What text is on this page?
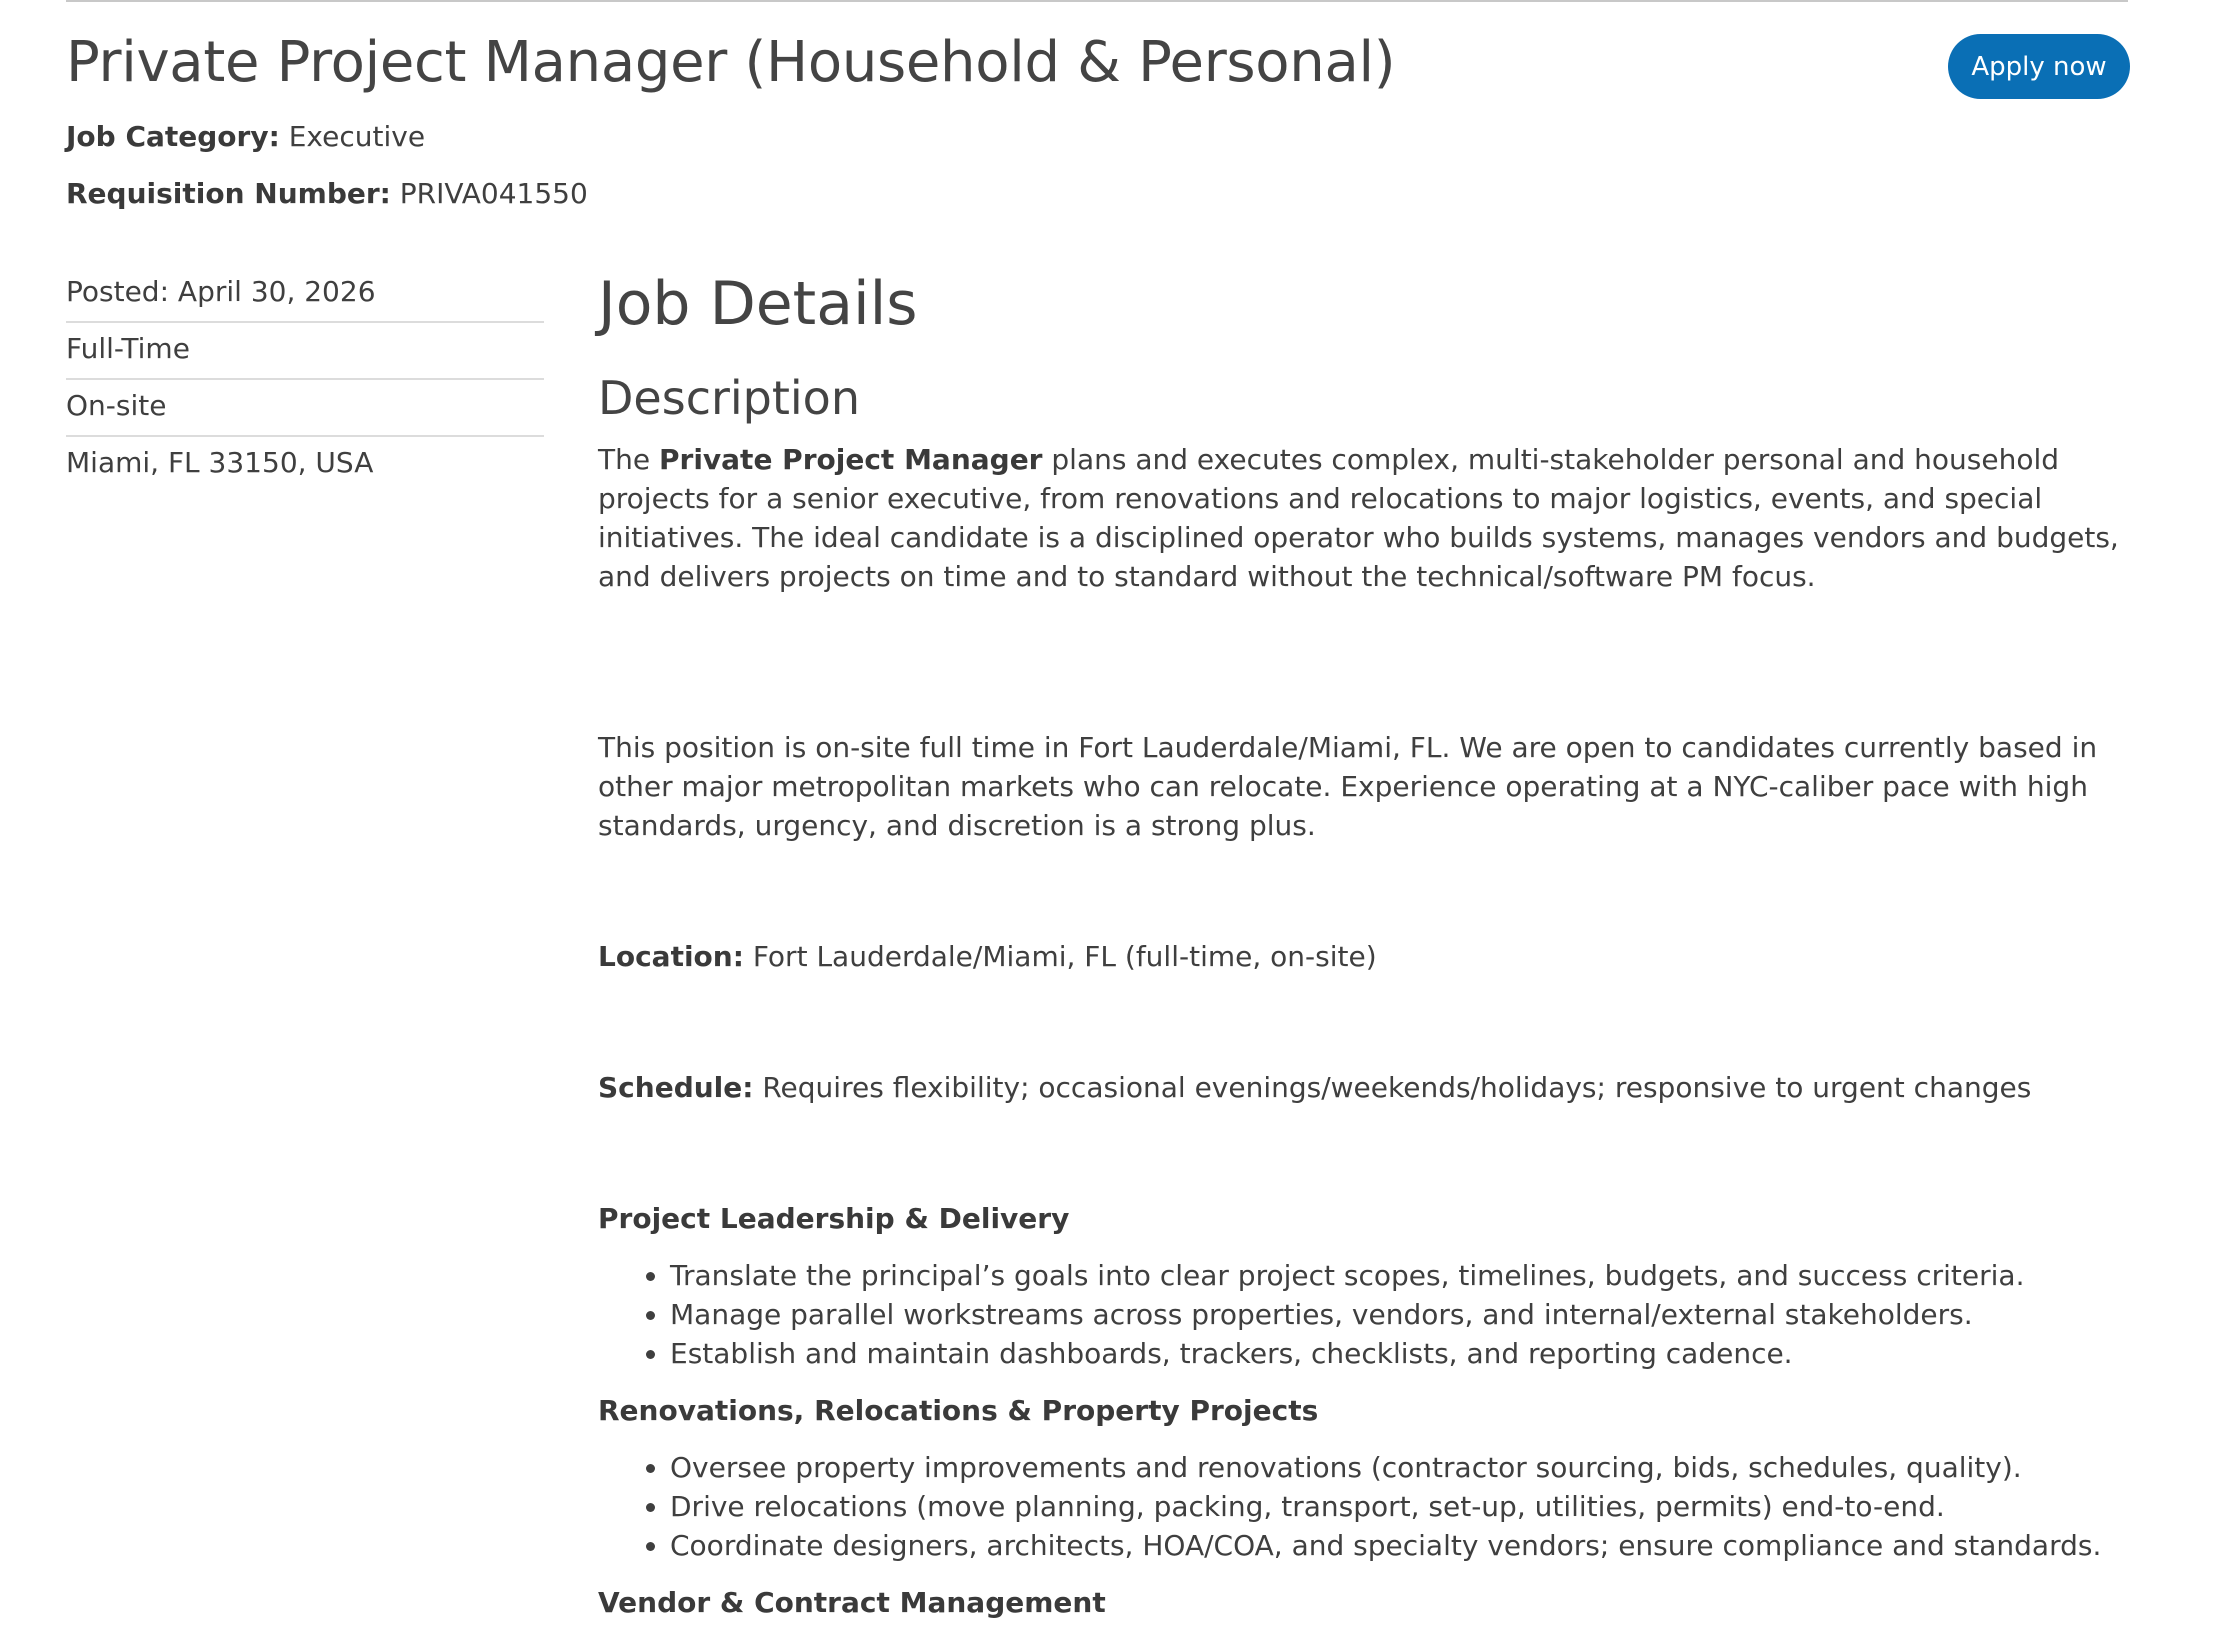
Private Project Manager (Household & Personal)	Apply now
Job Category: Executive
Requisition Number: PRIVA041550
Posted: April 30, 2026
Full-Time
On-site
Miami, FL 33150, USA
Job Details
Description

The Private Project Manager plans and executes complex, multi-stakeholder personal and household projects for a senior executive, from renovations and relocations to major logistics, events, and special initiatives. The ideal candidate is a disciplined operator who builds systems, manages vendors and budgets, and delivers projects on time and to standard without the technical/software PM focus.

This position is on-site full time in Fort Lauderdale/Miami, FL. We are open to candidates currently based in other major metropolitan markets who can relocate. Experience operating at a NYC-caliber pace with high standards, urgency, and discretion is a strong plus.

Location: Fort Lauderdale/Miami, FL (full-time, on-site)

Schedule: Requires flexibility; occasional evenings/weekends/holidays; responsive to urgent changes

Project Leadership & Delivery

• Translate the principal’s goals into clear project scopes, timelines, budgets, and success criteria.
• Manage parallel workstreams across properties, vendors, and internal/external stakeholders.
• Establish and maintain dashboards, trackers, checklists, and reporting cadence.

Renovations, Relocations & Property Projects

• Oversee property improvements and renovations (contractor sourcing, bids, schedules, quality).
• Drive relocations (move planning, packing, transport, set-up, utilities, permits) end-to-end.
• Coordinate designers, architects, HOA/COA, and specialty vendors; ensure compliance and standards.

Vendor & Contract Management
